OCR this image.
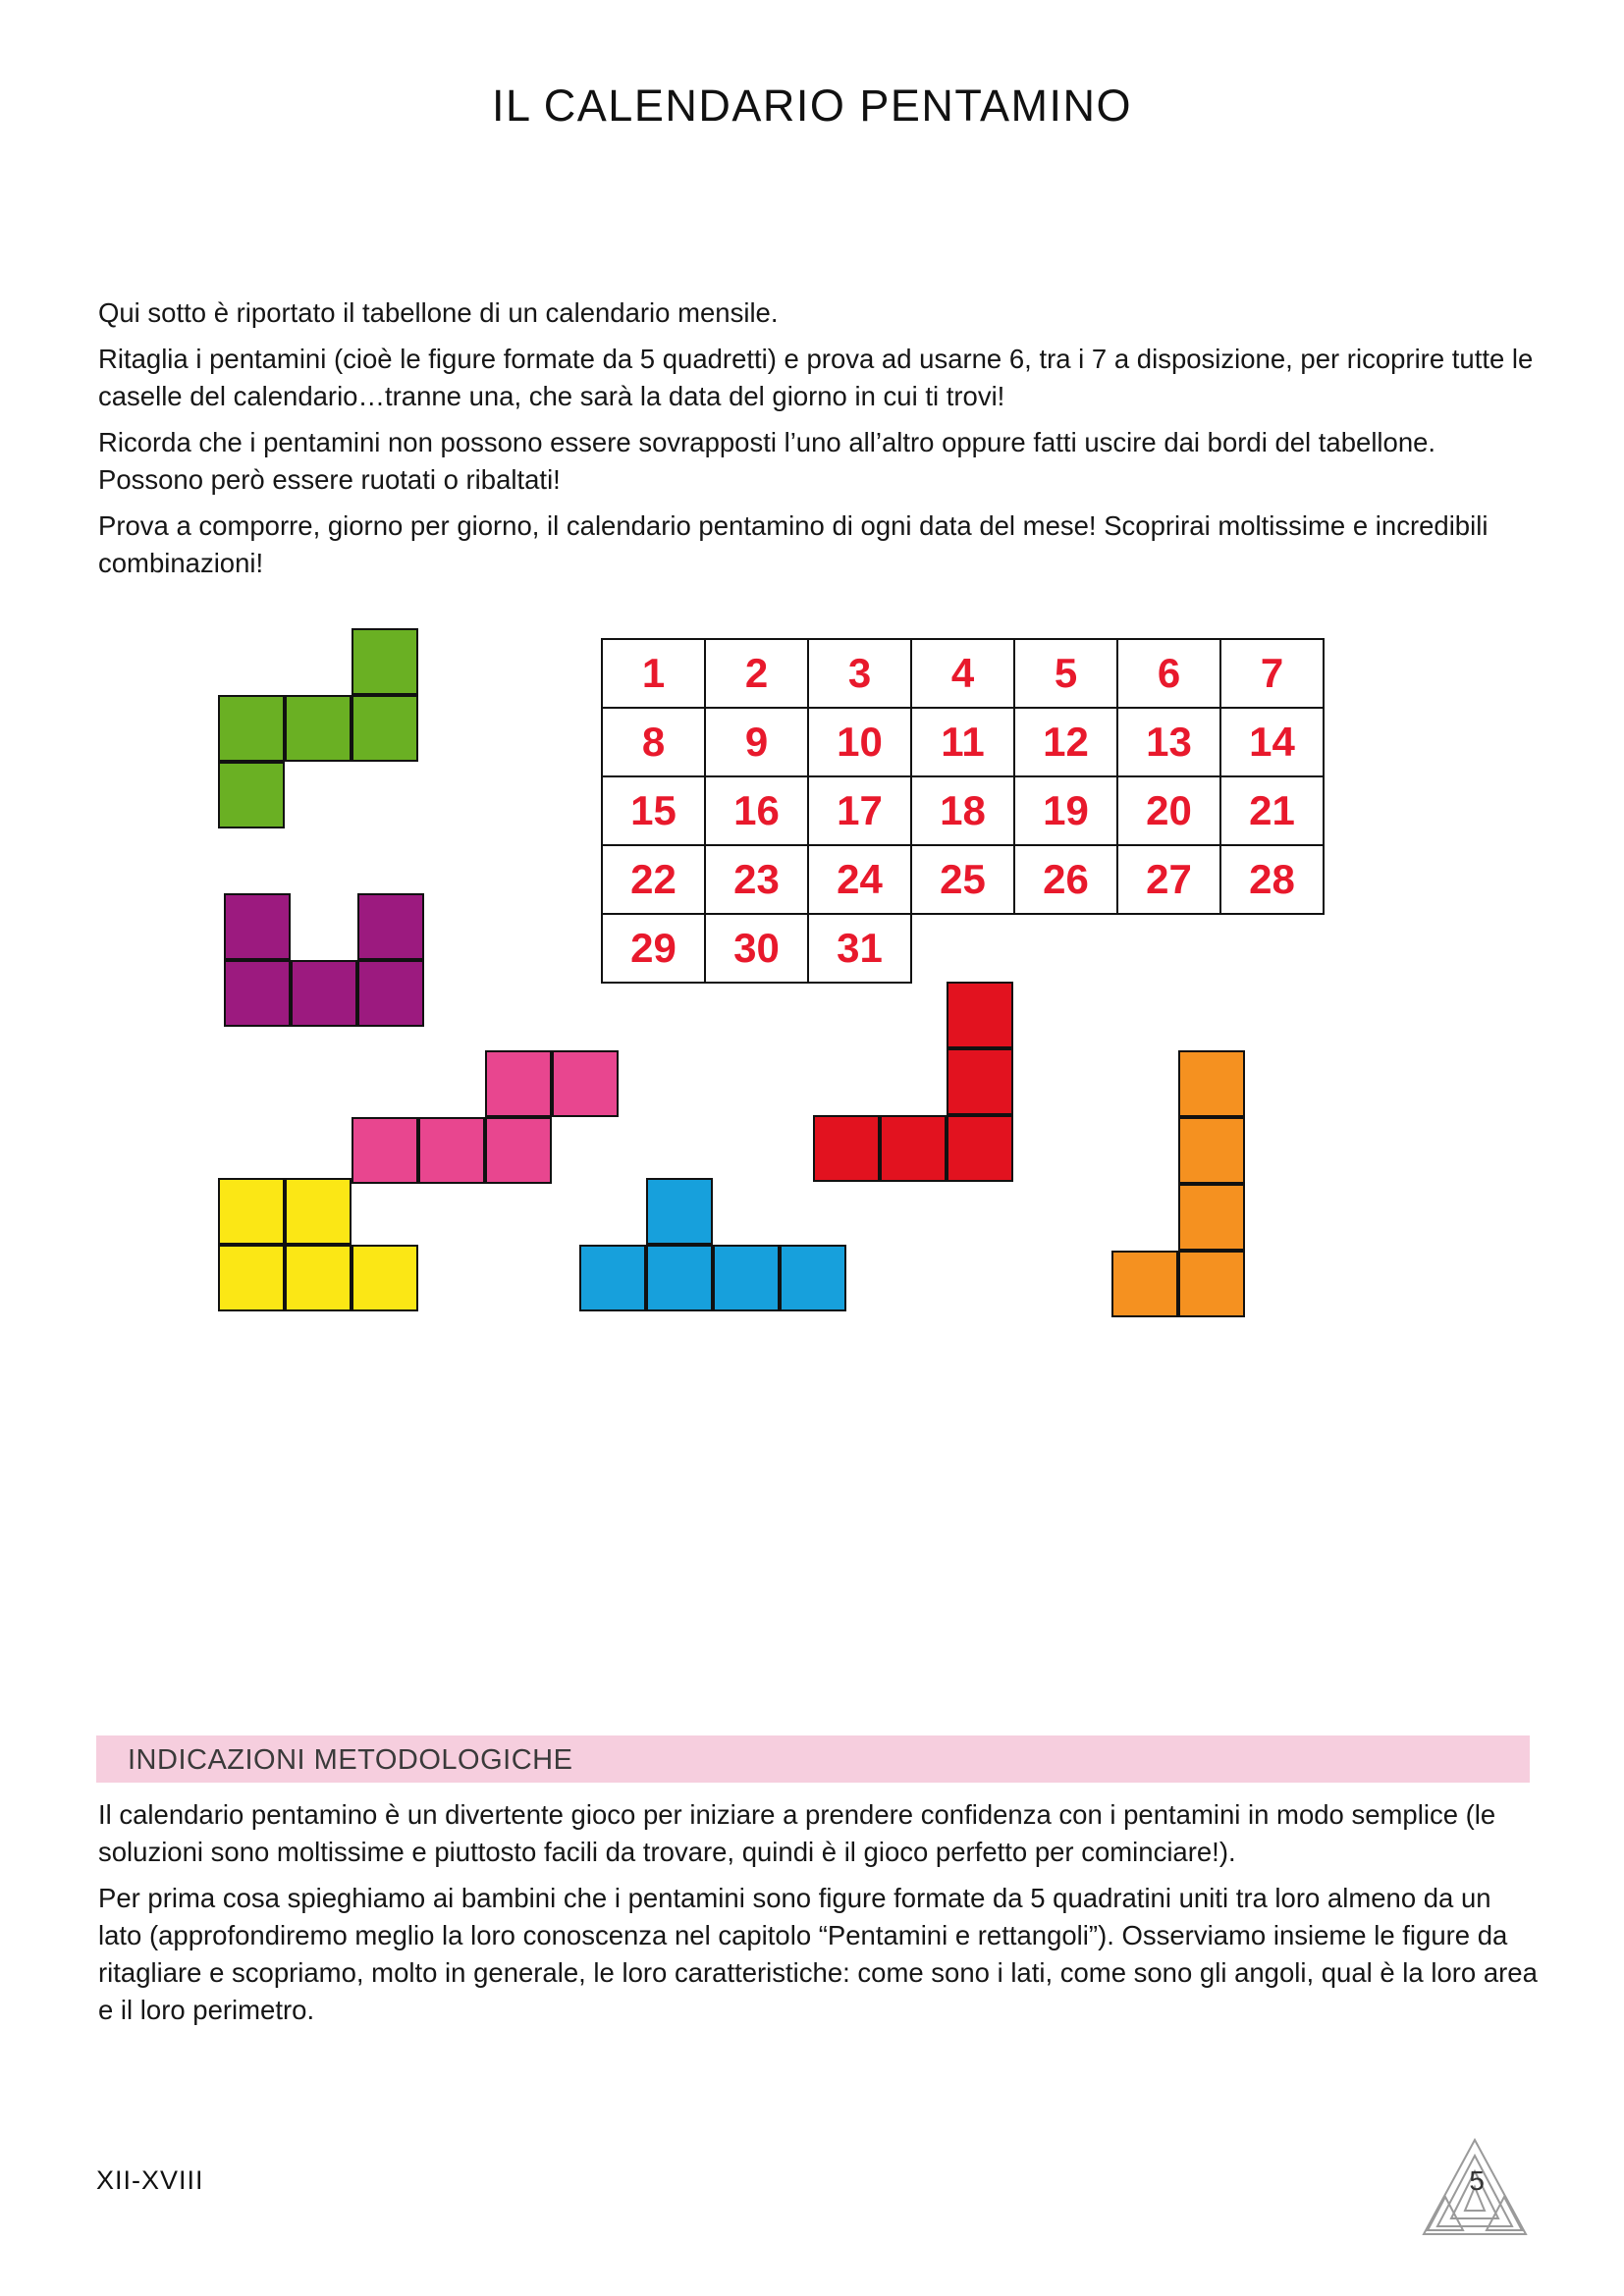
IL CALENDARIO PENTAMINO

Qui sotto è riportato il tabellone di un calendario mensile.

Ritaglia i pentamini (cioè le figure formate da 5 quadretti) e prova ad usarne 6, tra i 7 a disposizione, per ricoprire tutte le caselle del calendario…tranne una, che sarà la data del giorno in cui ti trovi!

Ricorda che i pentamini non possono essere sovrapposti l’uno all’altro oppure fatti uscire dai bordi del tabellone. Possono però essere ruotati o ribaltati!

Prova a comporre, giorno per giorno, il calendario pentamino di ogni data del mese! Scoprirai moltissime e incredibili combinazioni!

1	2	3	4	5	6	7
8	9	10	11	12	13	14
15	16	17	18	19	20	21
22	23	24	25	26	27	28
29	30	31				
INDICAZIONI METODOLOGICHE

Il calendario pentamino è un divertente gioco per iniziare a prendere confidenza con i pentamini in modo semplice (le soluzioni sono moltissime e piuttosto facili da trovare, quindi è il gioco perfetto per cominciare!).

Per prima cosa spieghiamo ai bambini che i pentamini sono figure formate da 5 quadratini uniti tra loro almeno da un lato (approfondiremo meglio la loro conoscenza nel capitolo “Pentamini e rettangoli”). Osserviamo insieme le figure da ritagliare e scopriamo, molto in generale, le loro caratteristiche: come sono i lati, come sono gli angoli, qual è la loro area e il loro perimetro.

XII-XVIII	5
